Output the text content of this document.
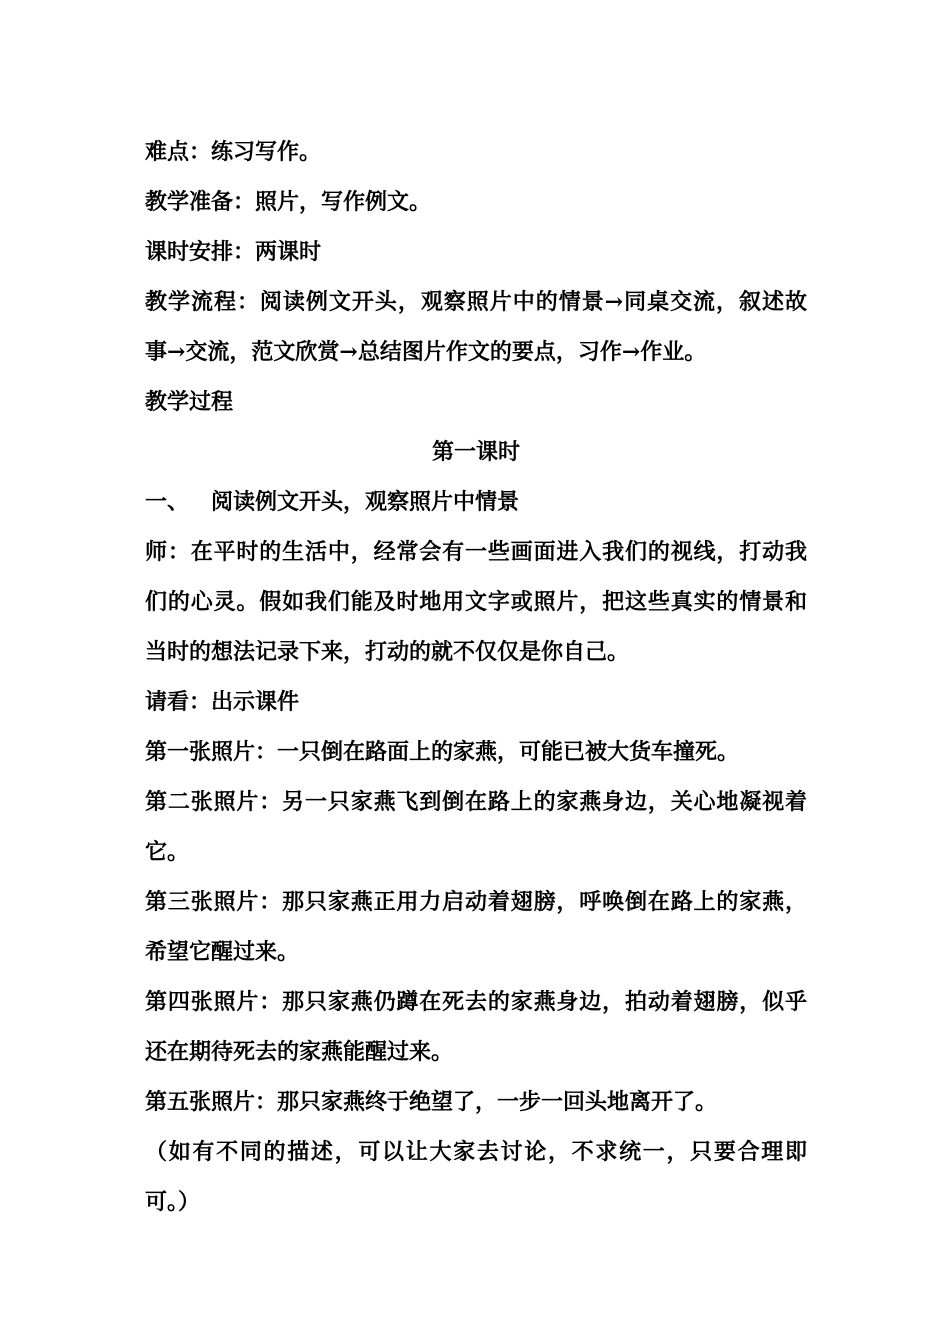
难点：练习写作。
教学准备：照片，写作例文。
课时安排：两课时
教学流程：阅读例文开头，观察照片中的情景→同桌交流，叙述故
事→交流，范文欣赏→总结图片作文的要点，习作→作业。
教学过程
第一课时
一、 阅读例文开头，观察照片中情景
师：在平时的生活中，经常会有一些画面进入我们的视线，打动我
们的心灵。假如我们能及时地用文字或照片，把这些真实的情景和
当时的想法记录下来，打动的就不仅仅是你自己。
请看：出示课件
第一张照片：一只倒在路面上的家燕，可能已被大货车撞死。
第二张照片：另一只家燕飞到倒在路上的家燕身边，关心地凝视着
它。
第三张照片：那只家燕正用力启动着翅膀，呼唤倒在路上的家燕，
希望它醒过来。
第四张照片：那只家燕仍蹲在死去的家燕身边，拍动着翅膀，似乎
还在期待死去的家燕能醒过来。
第五张照片：那只家燕终于绝望了，一步一回头地离开了。
（如有不同的描述，可以让大家去讨论，不求统一，只要合理即
可。）
